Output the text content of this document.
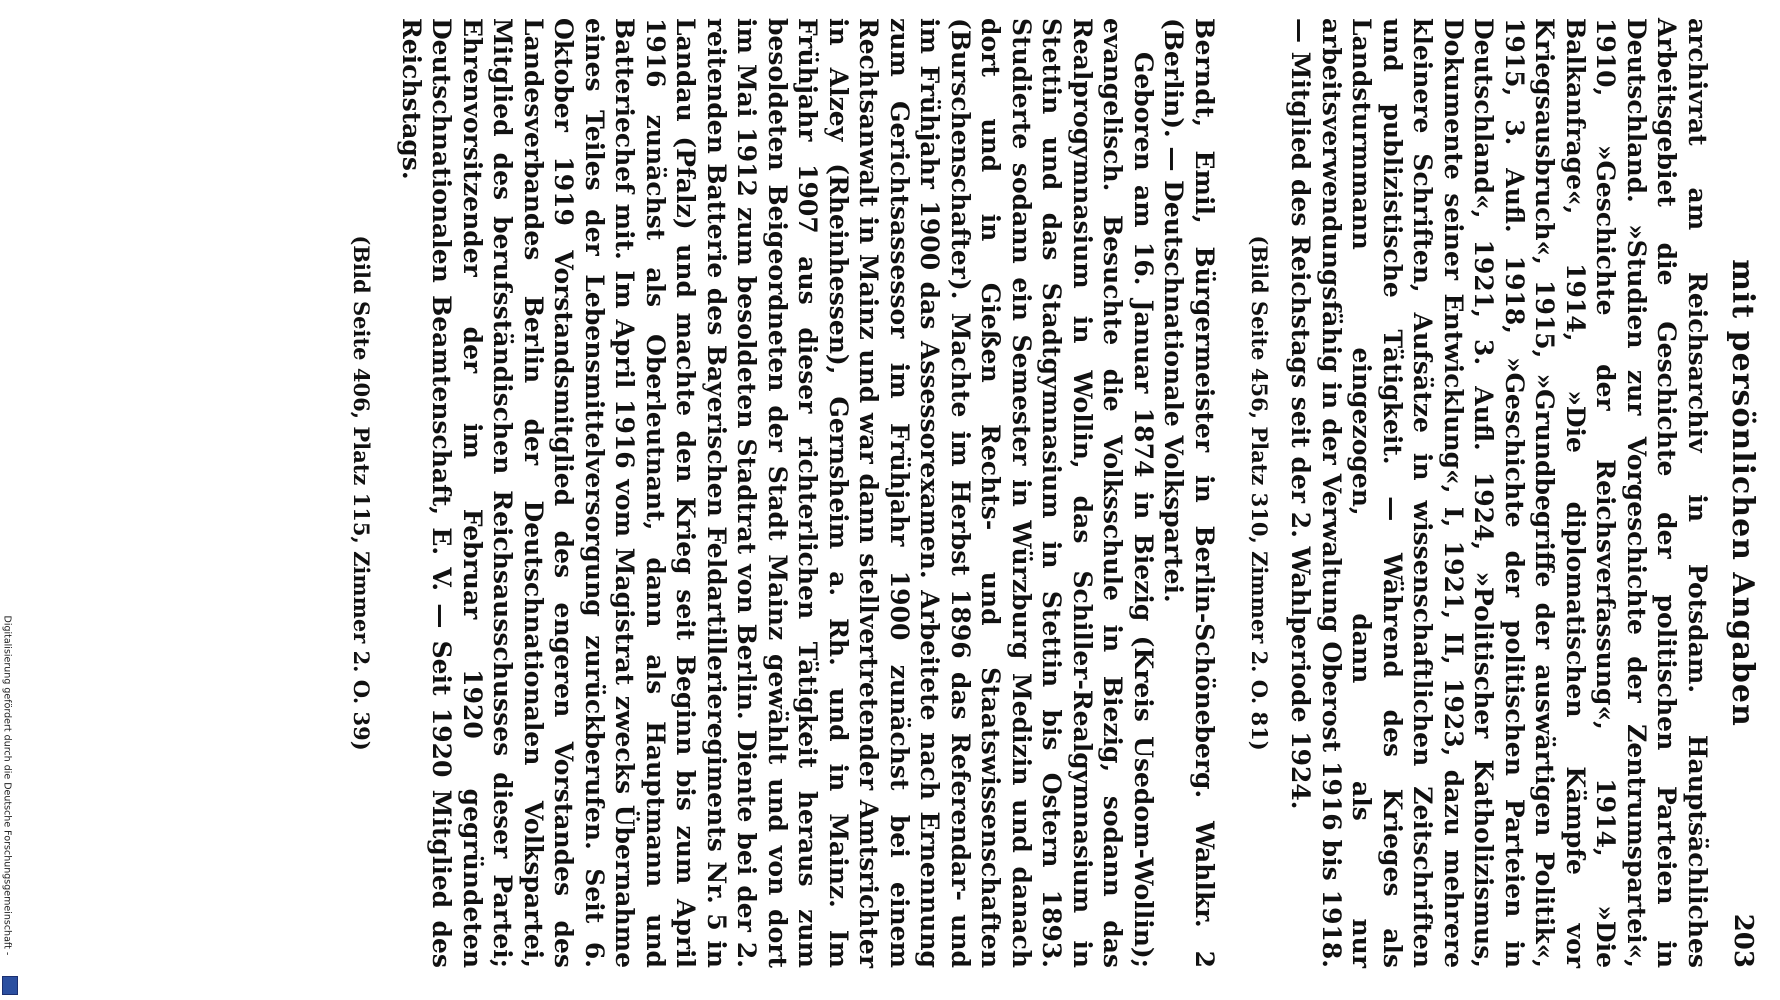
mit persönlichen Angaben
203

archivrat am Reichsarchiv in Potsdam. Hauptsächliches Arbeitsgebiet die Geschichte der politischen Parteien in Deutschland. »Studien zur Vorgeschichte der Zentrumspartei«, 1910, »Geschichte der Reichsverfassung«, 1914, »Die Balkanfrage«, 1914, »Die diplomatischen Kämpfe vor Kriegsausbruch«, 1915, »Grundbegriffe der auswärtigen Politik«, 1915, 3. Aufl. 1918, »Geschichte der politischen Parteien in Deutschland«, 1921, 3. Aufl. 1924, »Politischer Katholizismus, Dokumente seiner Entwicklung«, I, 1921, II, 1923, dazu mehrere kleinere Schriften, Aufsätze in wissenschaftlichen Zeitschriften und publizistische Tätigkeit. — Während des Krieges als Landsturmmann eingezogen, dann als nur arbeitsverwendungsfähig in der Verwaltung Oberost 1916 bis 1918. — Mitglied des Reichstags seit der 2. Wahlperiode 1924.

(Bild Seite 456, Platz 310, Zimmer 2. O. 81)

Berndt, Emil, Bürgermeister in Berlin-Schöneberg. Wahlkr. 2 (Berlin). — Deutschnationale Volkspartei.

Geboren am 16. Januar 1874 in Biezig (Kreis Usedom-Wollin); evangelisch. Besuchte die Volksschule in Biezig, sodann das Realprogymnasium in Wollin, das Schiller-Realgymnasium in Stettin und das Stadtgymnasium in Stettin bis Ostern 1893. Studierte sodann ein Semester in Würzburg Medizin und danach dort und in Gießen Rechts- und Staatswissenschaften (Burschenschafter). Machte im Herbst 1896 das Referendar- und im Frühjahr 1900 das Assessorexamen. Arbeitete nach Ernennung zum Gerichtsassessor im Frühjahr 1900 zunächst bei einem Rechtsanwalt in Mainz und war dann stellvertretender Amtsrichter in Alzey (Rheinhessen), Gernsheim a. Rh. und in Mainz. Im Frühjahr 1907 aus dieser richterlichen Tätigkeit heraus zum besoldeten Beigeordneten der Stadt Mainz gewählt und von dort im Mai 1912 zum besoldeten Stadtrat von Berlin. Diente bei der 2. reitenden Batterie des Bayerischen Feldartillerieregiments Nr. 5 in Landau (Pfalz) und machte den Krieg seit Beginn bis zum April 1916 zunächst als Oberleutnant, dann als Hauptmann und Batteriechef mit. Im April 1916 vom Magistrat zwecks Übernahme eines Teiles der Lebensmittelversorgung zurückberufen. Seit 6. Oktober 1919 Vorstandsmitglied des engeren Vorstandes des Landesverbandes Berlin der Deutschnationalen Volkspartei, Mitglied des berufsständischen Reichsausschusses dieser Partei; Ehrenvorsitzender der im Februar 1920 gegründeten Deutschnationalen Beamtenschaft, E. V. — Seit 1920 Mitglied des Reichstags.

(Bild Seite 406, Platz 115, Zimmer 2. O. 39)
Digitalisierung gefördert durch die Deutsche Forschungsgemeinschaft -
